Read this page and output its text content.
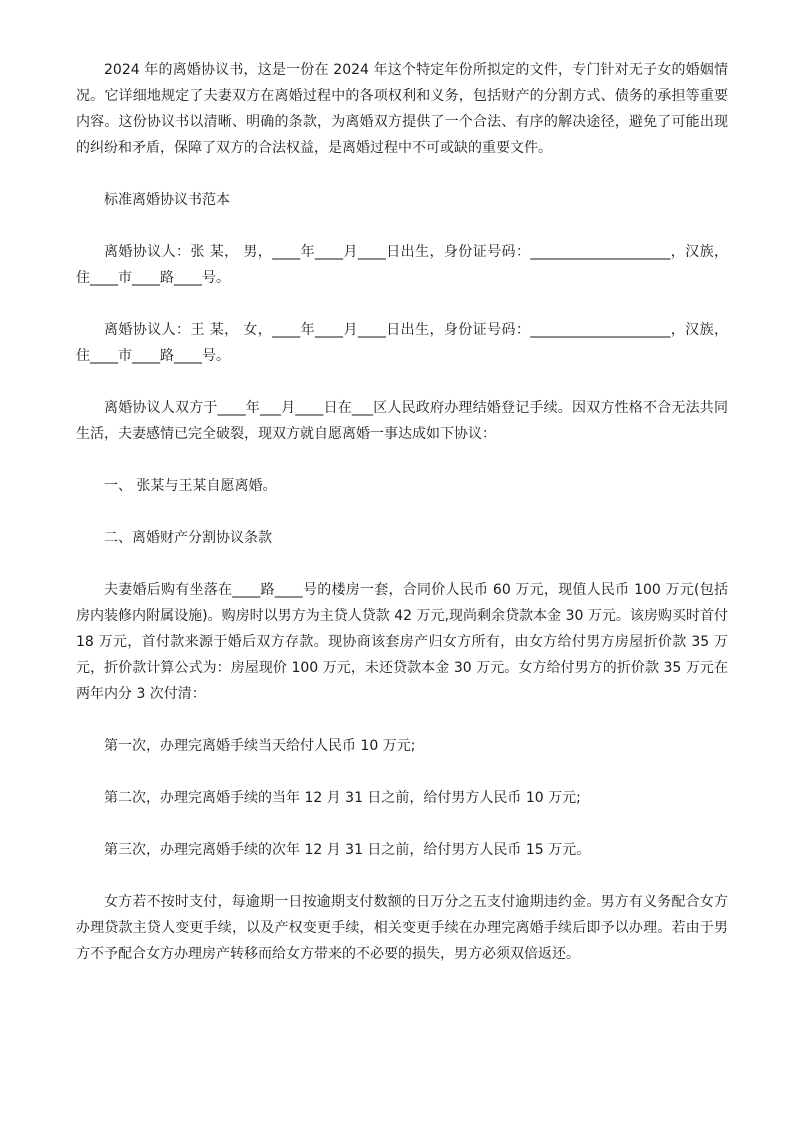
2024 年的离婚协议书，这是一份在 2024 年这个特定年份所拟定的文件，专门针对无子女的婚姻情况。它详细地规定了夫妻双方在离婚过程中的各项权利和义务，包括财产的分割方式、债务的承担等重要内容。这份协议书以清晰、明确的条款，为离婚双方提供了一个合法、有序的解决途径，避免了可能出现的纠纷和矛盾，保障了双方的合法权益，是离婚过程中不可或缺的重要文件。

标准离婚协议书范本

离婚协议人：张 某， 男，____年____月____日出生，身份证号码：____________________，汉族，住____市____路____号。

离婚协议人：王 某， 女，____年____月____日出生，身份证号码：____________________，汉族，住____市____路____号。

离婚协议人双方于____年___月____日在___区人民政府办理结婚登记手续。因双方性格不合无法共同生活，夫妻感情已完全破裂，现双方就自愿离婚一事达成如下协议：

一、 张某与王某自愿离婚。

二、离婚财产分割协议条款

夫妻婚后购有坐落在____路____号的楼房一套，合同价人民币 60 万元，现值人民币 100 万元(包括房内装修内附属设施)。购房时以男方为主贷人贷款 42 万元,现尚剩余贷款本金 30 万元。该房购买时首付 18 万元，首付款来源于婚后双方存款。现协商该套房产归女方所有，由女方给付男方房屋折价款 35 万元，折价款计算公式为：房屋现价 100 万元，未还贷款本金 30 万元。女方给付男方的折价款 35 万元在两年内分 3 次付清：

第一次，办理完离婚手续当天给付人民币 10 万元;

第二次，办理完离婚手续的当年 12 月 31 日之前，给付男方人民币 10 万元;

第三次，办理完离婚手续的次年 12 月 31 日之前，给付男方人民币 15 万元。

女方若不按时支付，每逾期一日按逾期支付数额的日万分之五支付逾期违约金。男方有义务配合女方办理贷款主贷人变更手续，以及产权变更手续，相关变更手续在办理完离婚手续后即予以办理。若由于男方不予配合女方办理房产转移而给女方带来的不必要的损失，男方必须双倍返还。
